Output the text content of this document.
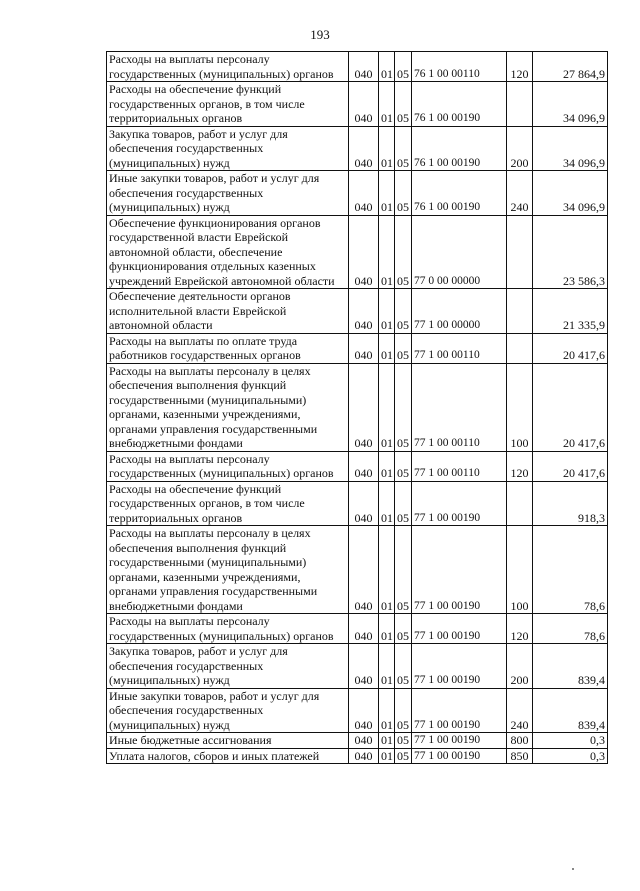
193
Расходы на выплаты персоналу государственных (муниципальных) органов	040	01	05	76 1 00 00110	120	27 864,9
Расходы на обеспечение функций государственных органов, в том числе территориальных органов	040	01	05	76 1 00 00190		34 096,9
Закупка товаров, работ и услуг для обеспечения государственных (муниципальных) нужд	040	01	05	76 1 00 00190	200	34 096,9
Иные закупки товаров, работ и услуг для обеспечения государственных (муниципальных) нужд	040	01	05	76 1 00 00190	240	34 096,9
Обеспечение функционирования органов государственной власти Еврейской автономной области, обеспечение функционирования отдельных казенных учреждений Еврейской автономной области	040	01	05	77 0 00 00000		23 586,3
Обеспечение деятельности органов исполнительной власти Еврейской автономной области	040	01	05	77 1 00 00000		21 335,9
Расходы на выплаты по оплате труда работников государственных органов	040	01	05	77 1 00 00110		20 417,6
Расходы на выплаты персоналу в целях обеспечения выполнения функций государственными (муниципальными) органами, казенными учреждениями, органами управления государственными внебюджетными фондами	040	01	05	77 1 00 00110	100	20 417,6
Расходы на выплаты персоналу государственных (муниципальных) органов	040	01	05	77 1 00 00110	120	20 417,6
Расходы на обеспечение функций государственных органов, в том числе территориальных органов	040	01	05	77 1 00 00190		918,3
Расходы на выплаты персоналу в целях обеспечения выполнения функций государственными (муниципальными) органами, казенными учреждениями, органами управления государственными внебюджетными фондами	040	01	05	77 1 00 00190	100	78,6
Расходы на выплаты персоналу государственных (муниципальных) органов	040	01	05	77 1 00 00190	120	78,6
Закупка товаров, работ и услуг для обеспечения государственных (муниципальных) нужд	040	01	05	77 1 00 00190	200	839,4
Иные закупки товаров, работ и услуг для обеспечения государственных (муниципальных) нужд	040	01	05	77 1 00 00190	240	839,4
Иные бюджетные ассигнования	040	01	05	77 1 00 00190	800	0,3
Уплата налогов, сборов и иных платежей	040	01	05	77 1 00 00190	850	0,3
